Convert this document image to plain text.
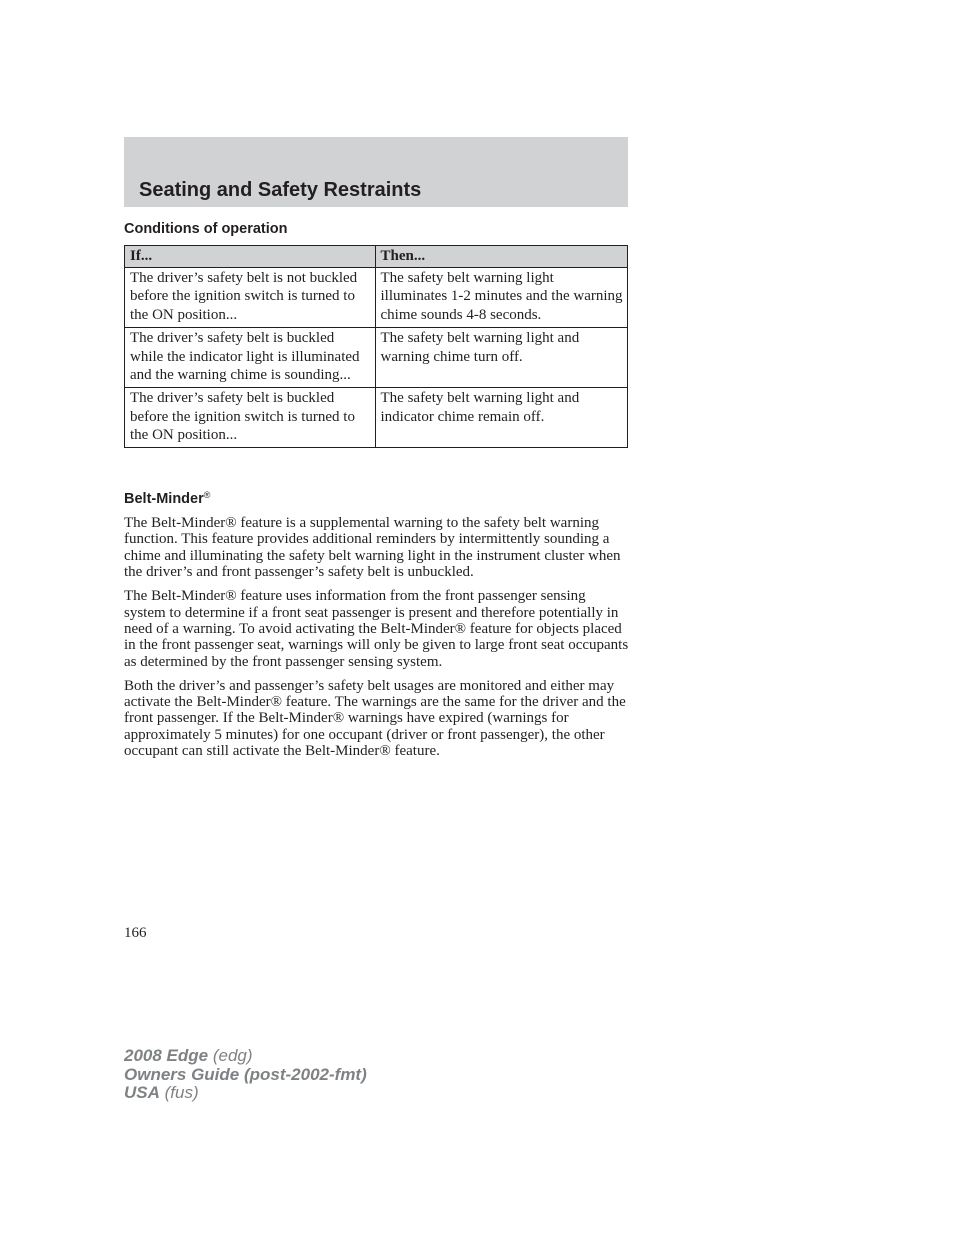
Seating and Safety Restraints
Conditions of operation
If...	Then...
The driver’s safety belt is not buckled before the ignition switch is turned to the ON position...	The safety belt warning light illuminates 1-2 minutes and the warning chime sounds 4-8 seconds.
The driver’s safety belt is buckled while the indicator light is illuminated and the warning chime is sounding...	The safety belt warning light and warning chime turn off.
The driver’s safety belt is buckled before the ignition switch is turned to the ON position...	The safety belt warning light and indicator chime remain off.
Belt-Minder®

The Belt-Minder® feature is a supplemental warning to the safety belt warning function. This feature provides additional reminders by intermittently sounding a chime and illuminating the safety belt warning light in the instrument cluster when the driver’s and front passenger’s safety belt is unbuckled.

The Belt-Minder® feature uses information from the front passenger sensing system to determine if a front seat passenger is present and therefore potentially in need of a warning. To avoid activating the Belt-Minder® feature for objects placed in the front passenger seat, warnings will only be given to large front seat occupants as determined by the front passenger sensing system.

Both the driver’s and passenger’s safety belt usages are monitored and either may activate the Belt-Minder® feature. The warnings are the same for the driver and the front passenger. If the Belt-Minder® warnings have expired (warnings for approximately 5 minutes) for one occupant (driver or front passenger), the other occupant can still activate the Belt-Minder® feature.

166

2008 Edge (edg)
Owners Guide (post-2002-fmt)
USA (fus)
